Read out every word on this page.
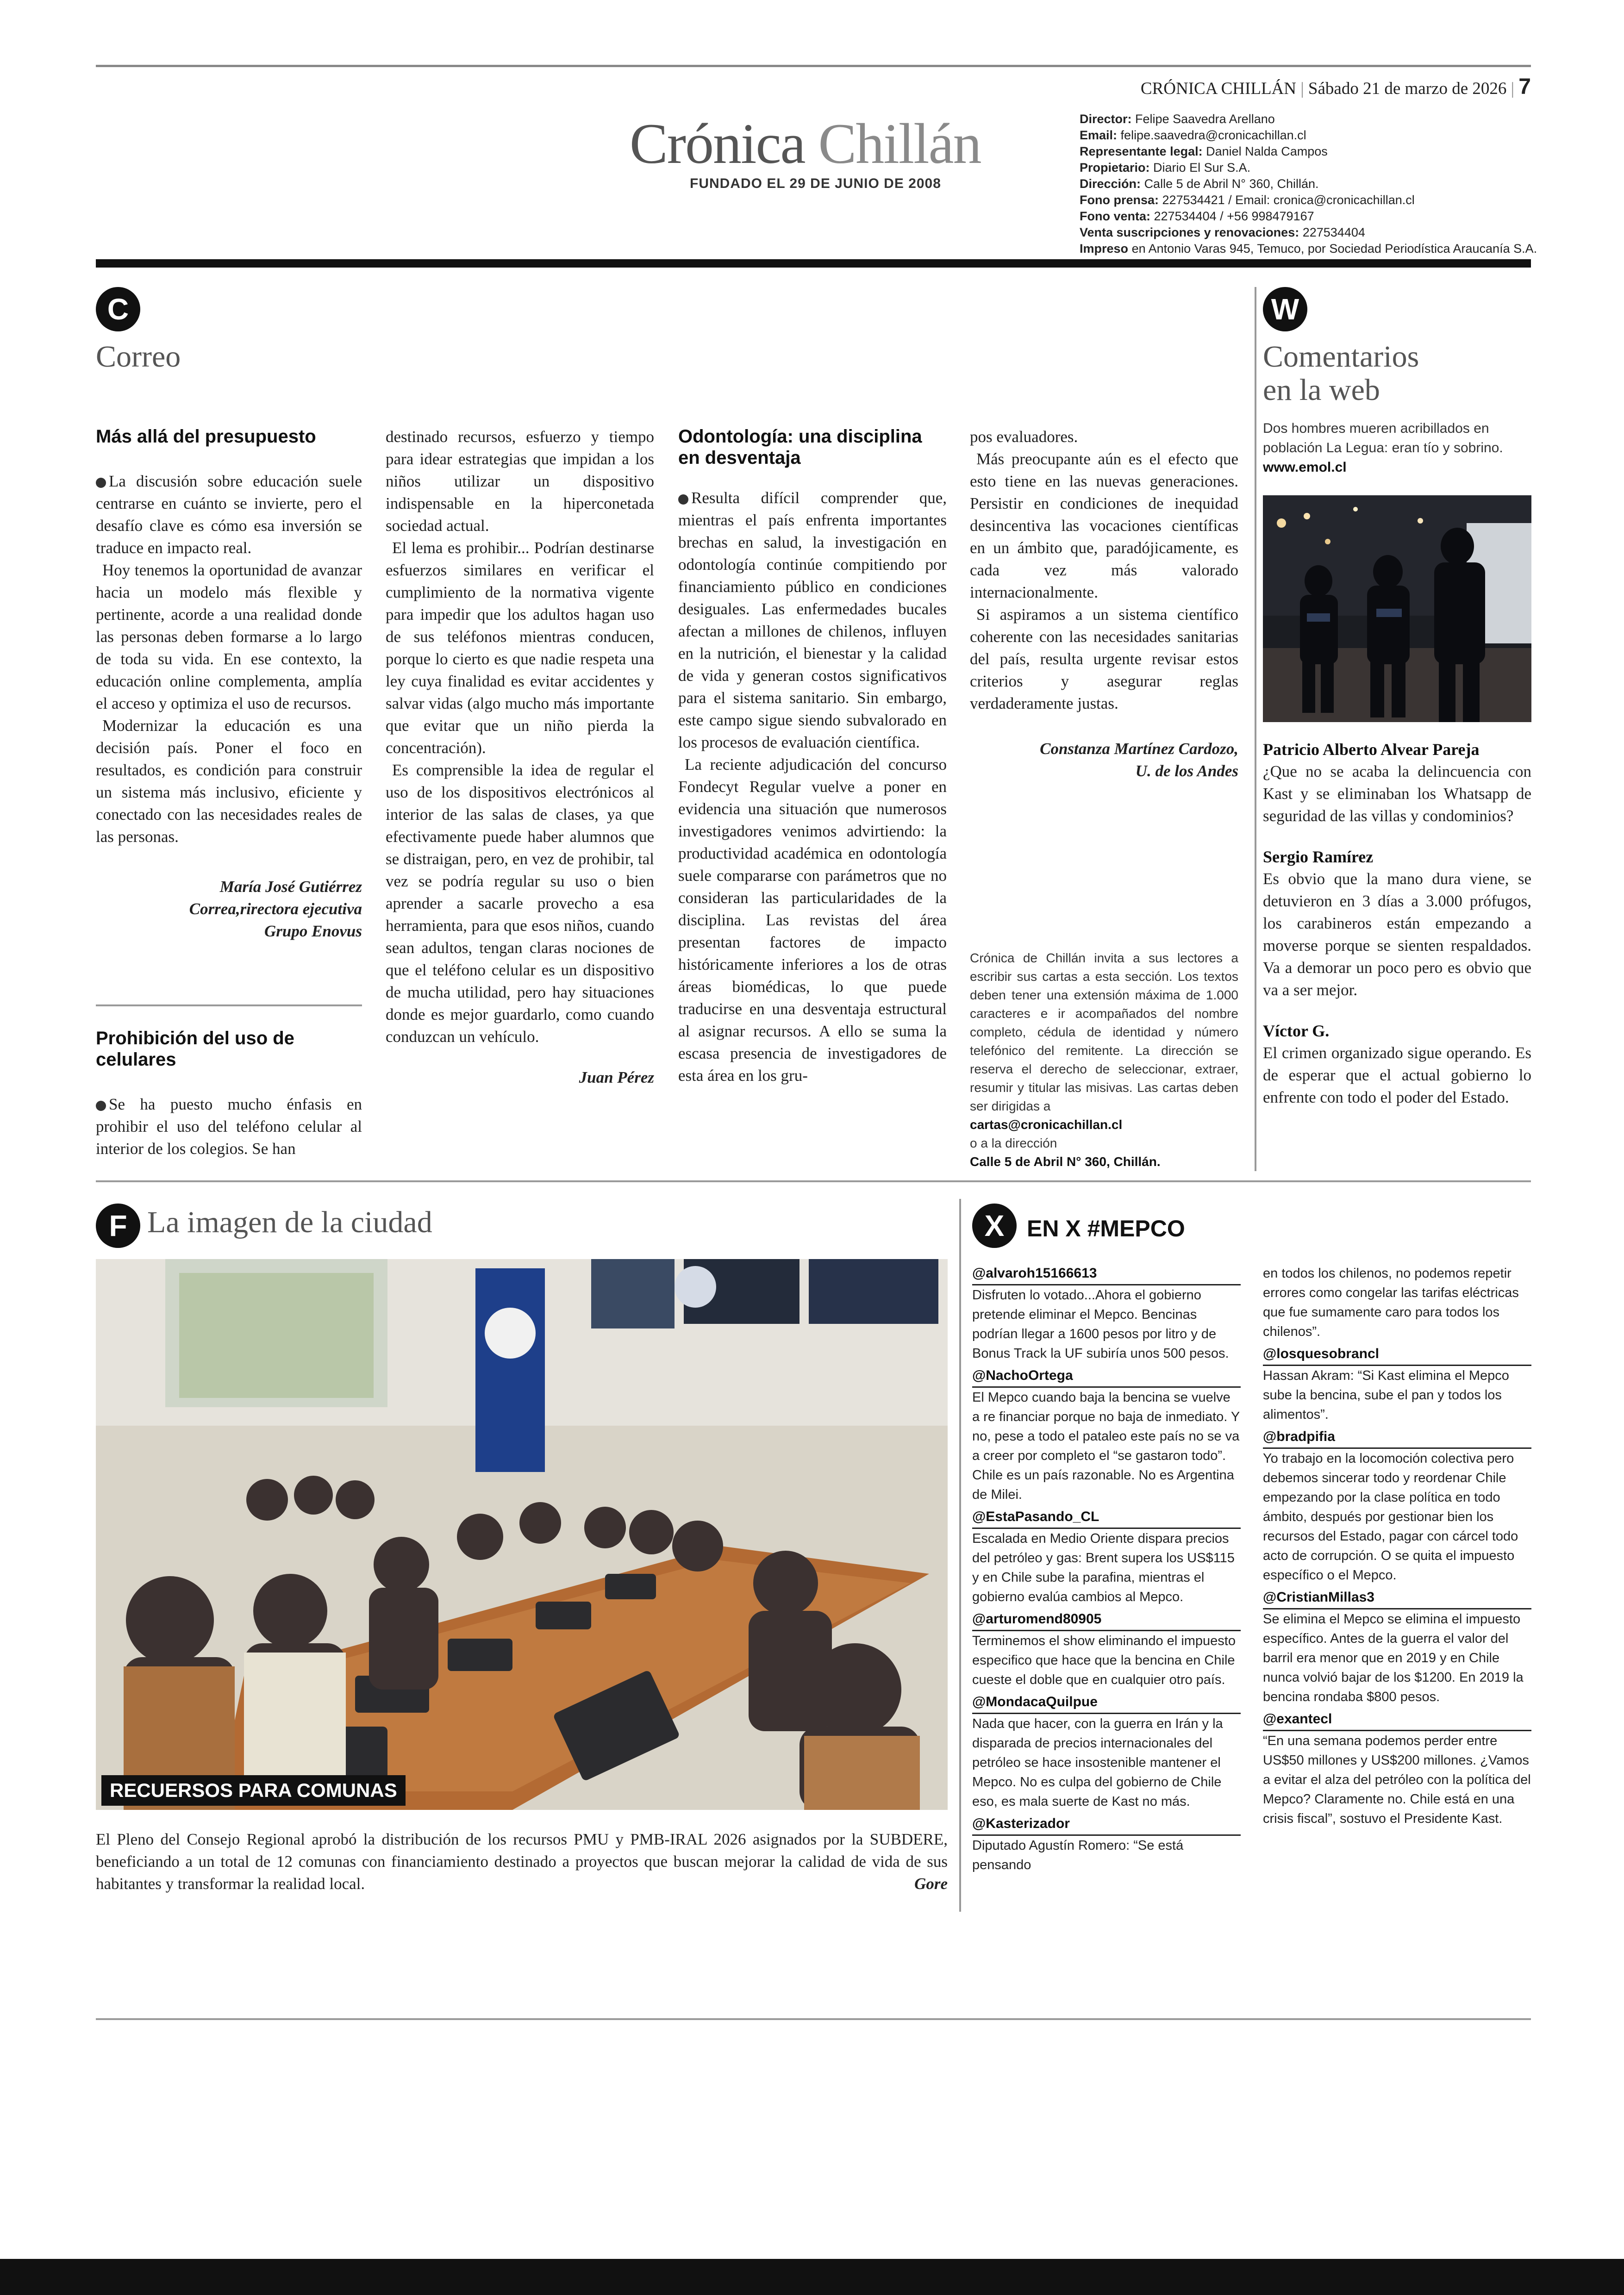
CRÓNICA CHILLÁN | Sábado 21 de marzo de 2026 | 7
Crónica Chillán
FUNDADO EL 29 DE JUNIO DE 2008
Director: Felipe Saavedra Arellano
Email: felipe.saavedra@cronicachillan.cl
Representante legal: Daniel Nalda Campos
Propietario: Diario El Sur S.A.
Dirección: Calle 5 de Abril N° 360, Chillán.
Fono prensa: 227534421 / Email: cronica@cronicachillan.cl
Fono venta: 227534404 / +56 998479167
Venta suscripciones y renovaciones: 227534404
Impreso en Antonio Varas 945, Temuco, por Sociedad Periodística Araucanía S.A.
C
Correo
Más allá del presupuesto

La discusión sobre educación suele centrarse en cuánto se invierte, pero el desafío clave es cómo esa inversión se traduce en impacto real.

Hoy tenemos la oportunidad de avanzar hacia un modelo más flexible y pertinente, acorde a una realidad donde las personas deben formarse a lo largo de toda su vida. En ese contexto, la educación online complementa, amplía el acceso y optimiza el uso de recursos.

Modernizar la educación es una decisión país. Poner el foco en resultados, es condición para construir un sistema más inclusivo, eficiente y conectado con las necesidades reales de las personas.

María José Gutiérrez
Correa,rirectora ejecutiva
Grupo Enovus
Prohibición del uso de celulares

Se ha puesto mucho énfasis en prohibir el uso del teléfono celular al interior de los colegios. Se han

destinado recursos, esfuerzo y tiempo para idear estrategias que impidan a los niños utilizar un dispositivo indispensable en la hiperconetada sociedad actual.

El lema es prohibir... Podrían destinarse esfuerzos similares en verificar el cumplimiento de la normativa vigente para impedir que los adultos hagan uso de sus teléfonos mientras conducen, porque lo cierto es que nadie respeta una ley cuya finalidad es evitar accidentes y salvar vidas (algo mucho más importante que evitar que un niño pierda la concentración).

Es comprensible la idea de regular el uso de los dispositivos electrónicos al interior de las salas de clases, ya que efectivamente puede haber alumnos que se distraigan, pero, en vez de prohibir, tal vez se podría regular su uso o bien aprender a sacarle provecho a esa herramienta, para que esos niños, cuando sean adultos, tengan claras nociones de que el teléfono celular es un dispositivo de mucha utilidad, pero hay situaciones donde es mejor guardarlo, como cuando conduzcan un vehículo.

Juan Pérez
Odontología: una disciplina en desventaja

Resulta difícil comprender que, mientras el país enfrenta importantes brechas en salud, la investigación en odontología continúe compitiendo por financiamiento público en condiciones desiguales. Las enfermedades bucales afectan a millones de chilenos, influyen en la nutrición, el bienestar y la calidad de vida y generan costos significativos para el sistema sanitario. Sin embargo, este campo sigue siendo subvalorado en los procesos de evaluación científica.

La reciente adjudicación del concurso Fondecyt Regular vuelve a poner en evidencia una situación que numerosos investigadores venimos advirtiendo: la productividad académica en odontología suele compararse con parámetros que no consideran las particularidades de la disciplina. Las revistas del área presentan factores de impacto históricamente inferiores a los de otras áreas biomédicas, lo que puede traducirse en una desventaja estructural al asignar recursos. A ello se suma la escasa presencia de investigadores de esta área en los gru-

pos evaluadores.

Más preocupante aún es el efecto que esto tiene en las nuevas generaciones. Persistir en condiciones de inequidad desincentiva las vocaciones científicas en un ámbito que, paradójicamente, es cada vez más valorado internacionalmente.

Si aspiramos a un sistema científico coherente con las necesidades sanitarias del país, resulta urgente revisar estos criterios y asegurar reglas verdaderamente justas.

Constanza Martínez Cardozo,
U. de los Andes
Crónica de Chillán invita a sus lectores a escribir sus cartas a esta sección. Los textos deben tener una extensión máxima de 1.000 caracteres e ir acompañados del nombre completo, cédula de identidad y número telefónico del remitente. La dirección se reserva el derecho de seleccionar, extraer, resumir y titular las misivas. Las cartas deben ser dirigidas a
cartas@cronicachillan.cl
o a la dirección
Calle 5 de Abril N° 360, Chillán.
W
Comentarios
en la web
Dos hombres mueren acribillados en población La Legua: eran tío y sobrino.
www.emol.cl
Patricio Alberto Alvear Pareja
¿Que no se acaba la delincuencia con Kast y se eliminaban los Whatsapp de seguridad de las villas y condominios?
Sergio Ramírez
Es obvio que la mano dura viene, se detuvieron en 3 días a 3.000 prófugos, los carabineros están empezando a moverse porque se sienten respaldados. Va a demorar un poco pero es obvio que va a ser mejor.
Víctor G.
El crimen organizado sigue operando. Es de esperar que el actual gobierno lo enfrente con todo el poder del Estado.
F La imagen de la ciudad
RECUERSOS PARA COMUNAS
El Pleno del Consejo Regional aprobó la distribución de los recursos PMU y PMB-IRAL 2026 asignados por la SUBDERE, beneficiando a un total de 12 comunas con financiamiento destinado a proyectos que buscan mejorar la calidad de vida de sus habitantes y transformar la realidad local.	Gore
X EN X #MEPCO
@alvaroh15166613
Disfruten lo votado...Ahora el gobierno pretende eliminar el Mepco. Bencinas podrían llegar a 1600 pesos por litro y de Bonus Track la UF subiría unos 500 pesos.
@NachoOrtega
El Mepco cuando baja la bencina se vuelve a re financiar porque no baja de inmediato. Y no, pese a todo el pataleo este país no se va a creer por completo el “se gastaron todo”. Chile es un país razonable. No es Argentina de Milei.
@EstaPasando_CL
Escalada en Medio Oriente dispara precios del petróleo y gas: Brent supera los US$115 y en Chile sube la parafina, mientras el gobierno evalúa cambios al Mepco.
@arturomend80905
Terminemos el show eliminando el impuesto especifico que hace que la bencina en Chile cueste el doble que en cualquier otro país.
@MondacaQuilpue
Nada que hacer, con la guerra en Irán y la disparada de precios internacionales del petróleo se hace insostenible mantener el Mepco. No es culpa del gobierno de Chile eso, es mala suerte de Kast no más.
@Kasterizador
Diputado Agustín Romero: “Se está pensando
en todos los chilenos, no podemos repetir errores como congelar las tarifas eléctricas que fue sumamente caro para todos los chilenos”.
@losquesobrancl
Hassan Akram: “Si Kast elimina el Mepco sube la bencina, sube el pan y todos los alimentos”.
@bradpifia
Yo trabajo en la locomoción colectiva pero debemos sincerar todo y reordenar Chile empezando por la clase política en todo ámbito, después por gestionar bien los recursos del Estado, pagar con cárcel todo acto de corrupción. O se quita el impuesto específico o el Mepco.
@CristianMillas3
Se elimina el Mepco se elimina el impuesto específico. Antes de la guerra el valor del barril era menor que en 2019 y en Chile nunca volvió bajar de los $1200. En 2019 la bencina rondaba $800 pesos.
@exantecl
“En una semana podemos perder entre US$50 millones y US$200 millones. ¿Vamos a evitar el alza del petróleo con la política del Mepco? Claramente no. Chile está en una crisis fiscal”, sostuvo el Presidente Kast.
